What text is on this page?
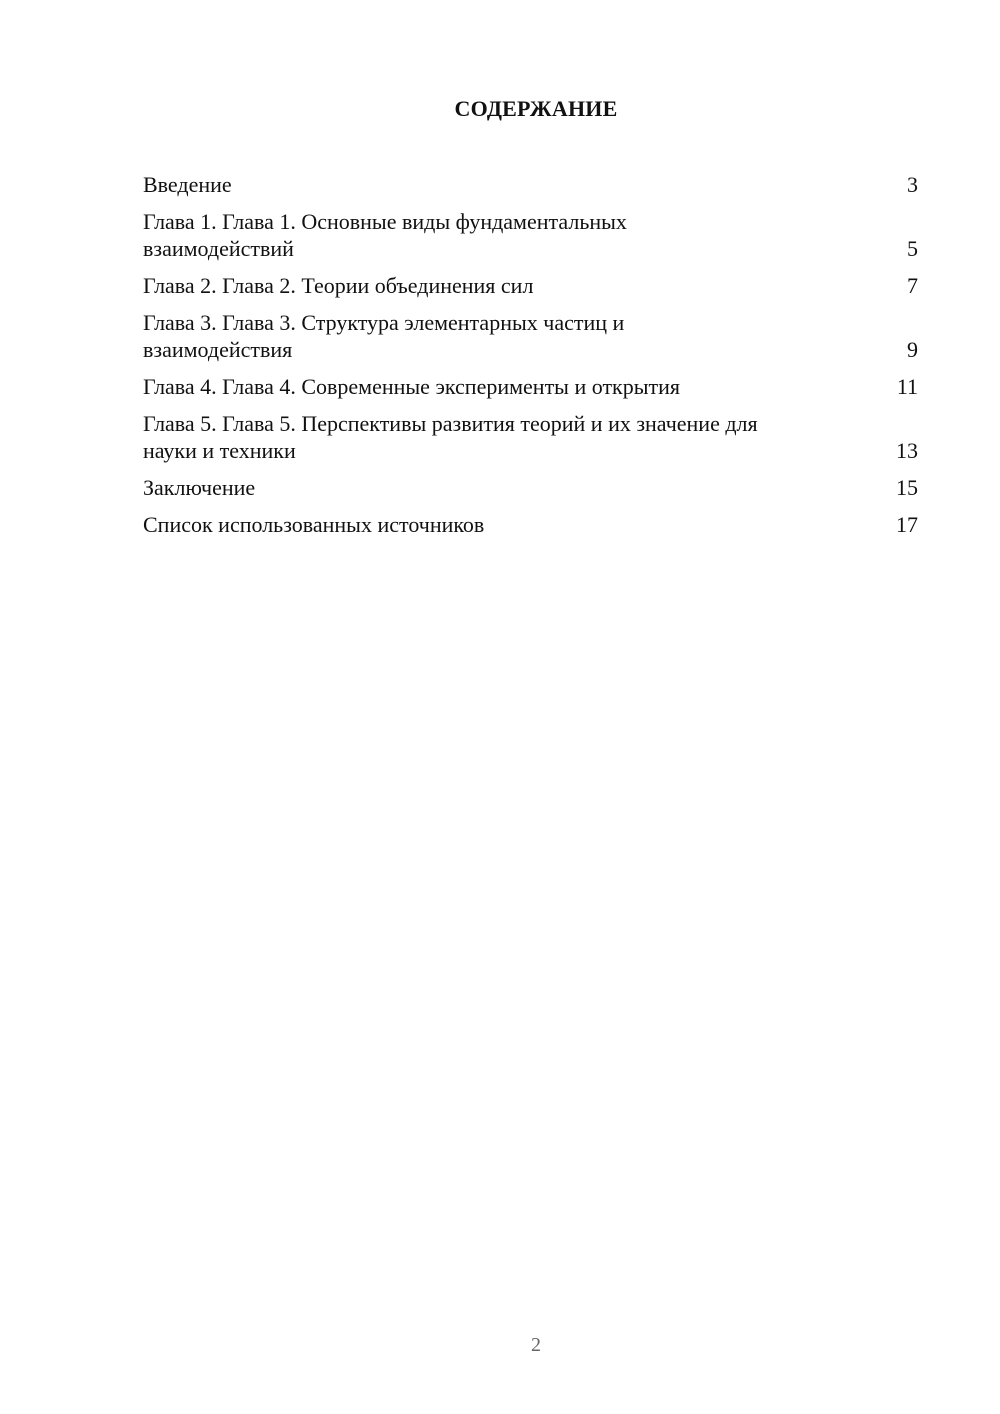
СОДЕРЖАНИЕ
Введение	3
Глава 1. Глава 1. Основные виды фундаментальных взаимодействий	5
Глава 2. Глава 2. Теории объединения сил	7
Глава 3. Глава 3. Структура элементарных частиц и взаимодействия	9
Глава 4. Глава 4. Современные эксперименты и открытия	11
Глава 5. Глава 5. Перспективы развития теорий и их значение для науки и техники	13
Заключение	15
Список использованных источников	17
2
